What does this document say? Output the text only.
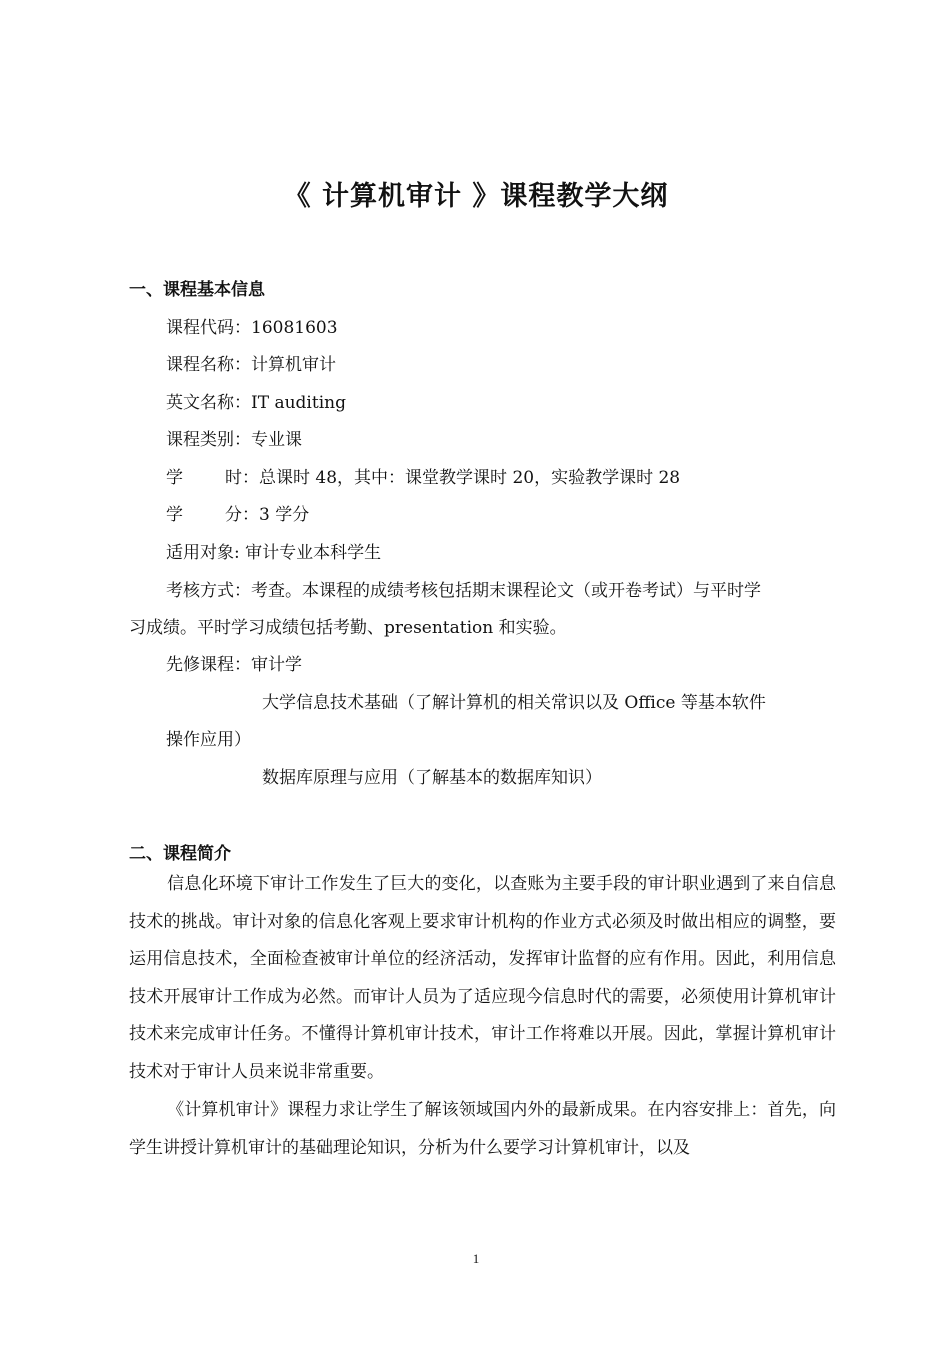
《 计算机审计 》课程教学大纲
一、课程基本信息
课程代码：16081603
课程名称：计算机审计
英文名称：IT auditing
课程类别：专业课
学 时：总课时 48，其中：课堂教学课时 20，实验教学课时 28
学 分：3 学分
适用对象: 审计专业本科学生
考核方式：考查。本课程的成绩考核包括期末课程论文（或开卷考试）与平时学
习成绩。平时学习成绩包括考勤、presentation 和实验。
先修课程：审计学
大学信息技术基础（了解计算机的相关常识以及 Office 等基本软件
操作应用）
数据库原理与应用（了解基本的数据库知识）
二、课程简介
信息化环境下审计工作发生了巨大的变化，以查账为主要手段的审计职业遇到了来自信息技术的挑战。审计对象的信息化客观上要求审计机构的作业方式必须及时做出相应的调整，要运用信息技术，全面检查被审计单位的经济活动，发挥审计监督的应有作用。因此，利用信息技术开展审计工作成为必然。而审计人员为了适应现今信息时代的需要，必须使用计算机审计技术来完成审计任务。不懂得计算机审计技术，审计工作将难以开展。因此，掌握计算机审计技术对于审计人员来说非常重要。
《计算机审计》课程力求让学生了解该领域国内外的最新成果。在内容安排上：首先，向学生讲授计算机审计的基础理论知识，分析为什么要学习计算机审计，以及
1
